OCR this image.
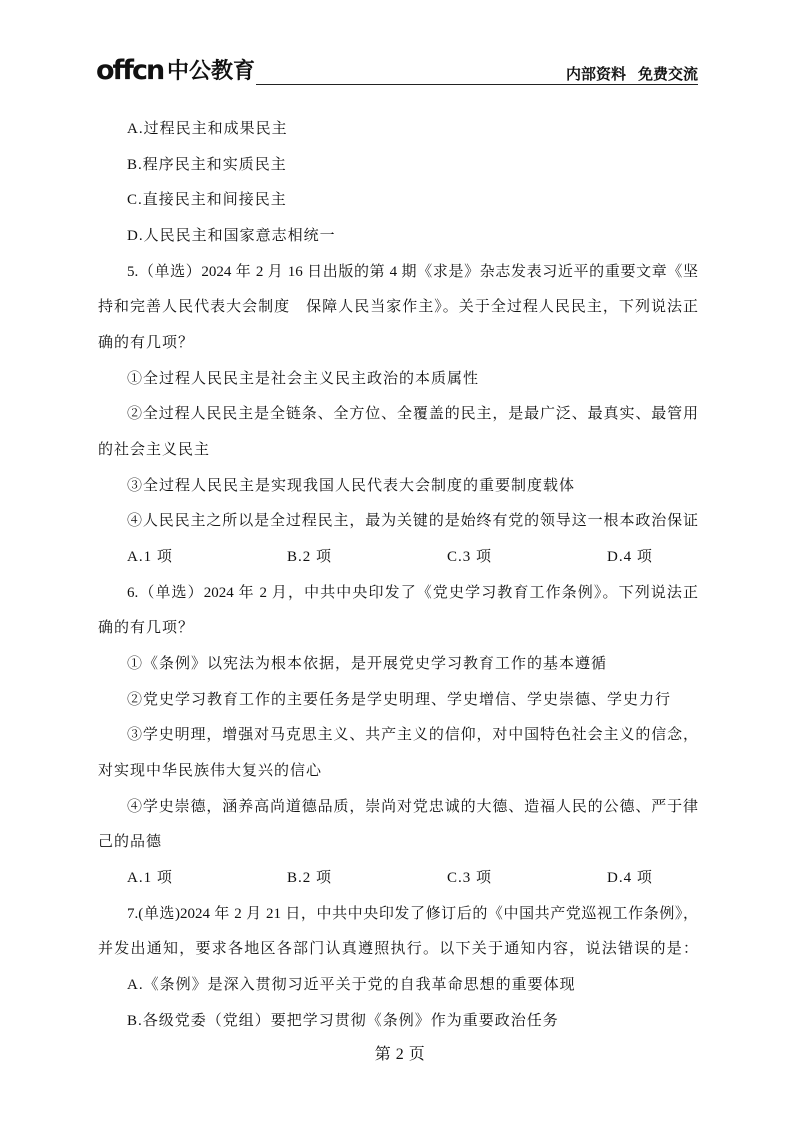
offcn 中公教育	内部资料 免费交流
A.过程民主和成果民主
B.程序民主和实质民主
C.直接民主和间接民主
D.人民民主和国家意志相统一
5.（单选）2024 年 2 月 16 日出版的第 4 期《求是》杂志发表习近平的重要文章《坚
持和完善人民代表大会制度　保障人民当家作主》。关于全过程人民民主，下列说法正
确的有几项？
①全过程人民民主是社会主义民主政治的本质属性
②全过程人民民主是全链条、全方位、全覆盖的民主，是最广泛、最真实、最管用
的社会主义民主
③全过程人民民主是实现我国人民代表大会制度的重要制度载体
④人民民主之所以是全过程民主，最为关键的是始终有党的领导这一根本政治保证
A.1 项	B.2 项	C.3 项	D.4 项
6.（单选）2024 年 2 月，中共中央印发了《党史学习教育工作条例》。下列说法正
确的有几项？
①《条例》以宪法为根本依据，是开展党史学习教育工作的基本遵循
②党史学习教育工作的主要任务是学史明理、学史增信、学史崇德、学史力行
③学史明理，增强对马克思主义、共产主义的信仰，对中国特色社会主义的信念，
对实现中华民族伟大复兴的信心
④学史崇德，涵养高尚道德品质，崇尚对党忠诚的大德、造福人民的公德、严于律
己的品德
A.1 项	B.2 项	C.3 项	D.4 项
7.(单选)2024 年 2 月 21 日，中共中央印发了修订后的《中国共产党巡视工作条例》，
并发出通知，要求各地区各部门认真遵照执行。以下关于通知内容，说法错误的是：
A.《条例》是深入贯彻习近平关于党的自我革命思想的重要体现
B.各级党委（党组）要把学习贯彻《条例》作为重要政治任务
第 2 页
